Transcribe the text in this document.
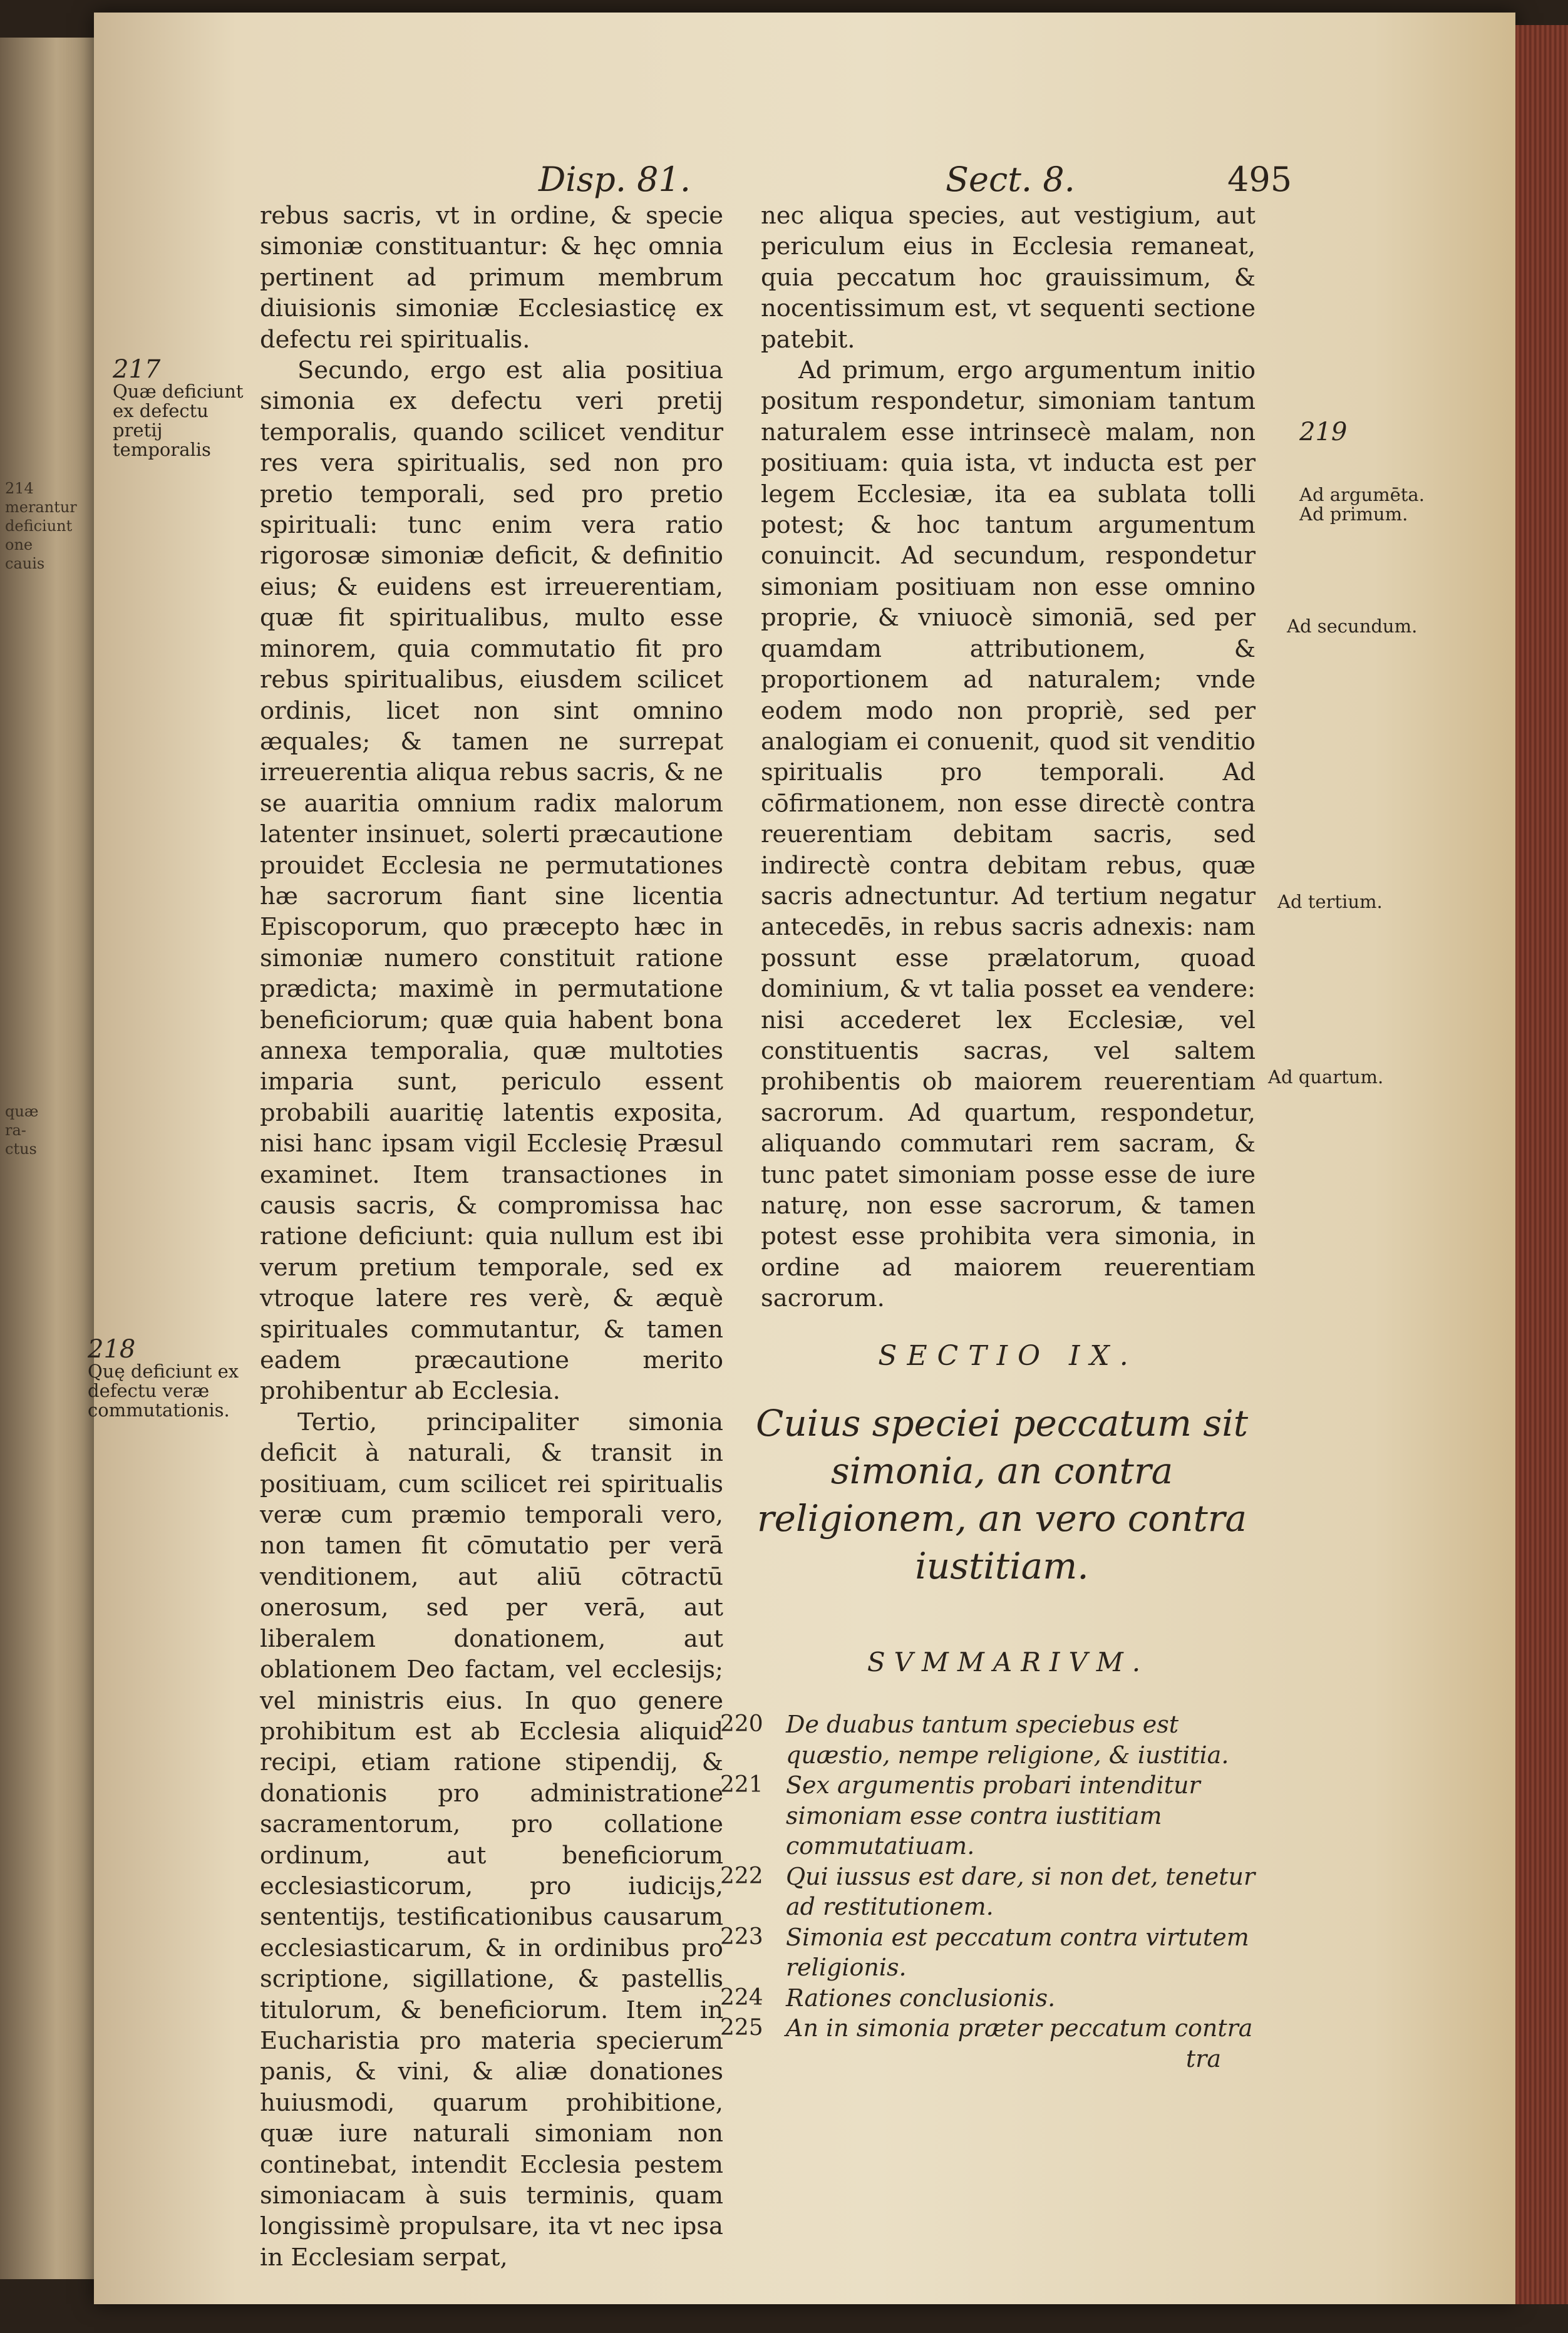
214 merantur deficiunt one cauis
quæ ra-ctus
Disp. 81.	Sect. 8.	495

rebus sacris, vt in ordine, & specie simoniæ constituantur: & hęc omnia pertinent ad primum membrum diuisionis simoniæ Ecclesiasticę ex defectu rei spiritualis.

Secundo, ergo est alia positiua simonia ex defectu veri pretij temporalis, quando scilicet venditur res vera spiritualis, sed non pro pretio temporali, sed pro pretio spirituali: tunc enim vera ratio rigorosæ simoniæ deficit, & definitio eius; & euidens est irreuerentiam, quæ fit spiritualibus, multo esse minorem, quia commutatio fit pro rebus spiritualibus, eiusdem scilicet ordinis, licet non sint omnino æquales; & tamen ne surrepat irreuerentia aliqua rebus sacris, & ne se auaritia omnium radix malorum latenter insinuet, solerti præcautione prouidet Ecclesia ne permutationes hæ sacrorum fiant sine licentia Episcoporum, quo præcepto hæc in simoniæ numero constituit ratione prædicta; maximè in permutatione beneficiorum; quæ quia habent bona annexa temporalia, quæ multoties imparia sunt, periculo essent probabili auaritię latentis exposita, nisi hanc ipsam vigil Ecclesię Præsul examinet. Item transactiones in causis sacris, & compromissa hac ratione deficiunt: quia nullum est ibi verum pretium temporale, sed ex vtroque latere res verè, & æquè spirituales commutantur, & tamen eadem præcautione merito prohibentur ab Ecclesia.

Tertio, principaliter simonia deficit à naturali, & transit in positiuam, cum scilicet rei spiritualis veræ cum præmio temporali vero, non tamen fit cōmutatio per verā venditionem, aut aliū cōtractū onerosum, sed per verā, aut liberalem donationem, aut oblationem Deo factam, vel ecclesijs; vel ministris eius. In quo genere prohibitum est ab Ecclesia aliquid recipi, etiam ratione stipendij, & donationis pro administratione sacramentorum, pro collatione ordinum, aut beneficiorum ecclesiasticorum, pro iudicijs, sententijs, testificationibus causarum ecclesiasticarum, & in ordinibus pro scriptione, sigillatione, & pastellis titulorum, & beneficiorum. Item in Eucharistia pro materia specierum panis, & vini, & aliæ donationes huiusmodi, quarum prohibitione, quæ iure naturali simoniam non continebat, intendit Ecclesia pestem simoniacam à suis terminis, quam longissimè propulsare, ita vt nec ipsa in Ecclesiam serpat,

nec aliqua species, aut vestigium, aut periculum eius in Ecclesia remaneat, quia peccatum hoc grauissimum, & nocentissimum est, vt sequenti sectione patebit.

Ad primum, ergo argumentum initio positum respondetur, simoniam tantum naturalem esse intrinsecè malam, non positiuam: quia ista, vt inducta est per legem Ecclesiæ, ita ea sublata tolli potest; & hoc tantum argumentum conuincit. Ad secundum, respondetur simoniam positiuam non esse omnino proprie, & vniuocè simoniā, sed per quamdam attributionem, & proportionem ad naturalem; vnde eodem modo non propriè, sed per analogiam ei conuenit, quod sit venditio spiritualis pro temporali. Ad cōfirmationem, non esse directè contra reuerentiam debitam sacris, sed indirectè contra debitam rebus, quæ sacris adnectuntur. Ad tertium negatur antecedēs, in rebus sacris adnexis: nam possunt esse prælatorum, quoad dominium, & vt talia posset ea vendere: nisi accederet lex Ecclesiæ, vel constituentis sacras, vel saltem prohibentis ob maiorem reuerentiam sacrorum. Ad quartum, respondetur, aliquando commutari rem sacram, & tunc patet simoniam posse esse de iure naturę, non esse sacrorum, & tamen potest esse prohibita vera simonia, in ordine ad maiorem reuerentiam sacrorum.

217
Quæ deficiunt ex defectu pretij temporalis
218
Quę deficiunt ex defectu veræ commutationis.
219
Ad argumēta.
Ad primum.
Ad secundum.
Ad tertium.
Ad quartum.
SECTIO IX.
Cuius speciei peccatum sit simonia, an contra religionem, an vero contra iustitiam.
SVMMARIVM.
220 De duabus tantum speciebus est quæstio, nempe religione, & iustitia.
221 Sex argumentis probari intenditur simoniam esse contra iustitiam commutatiuam.
222 Qui iussus est dare, si non det, tenetur ad restitutionem.
223 Simonia est peccatum contra virtutem religionis.
224 Rationes conclusionis.
225 An in simonia præter peccatum contra
tra
